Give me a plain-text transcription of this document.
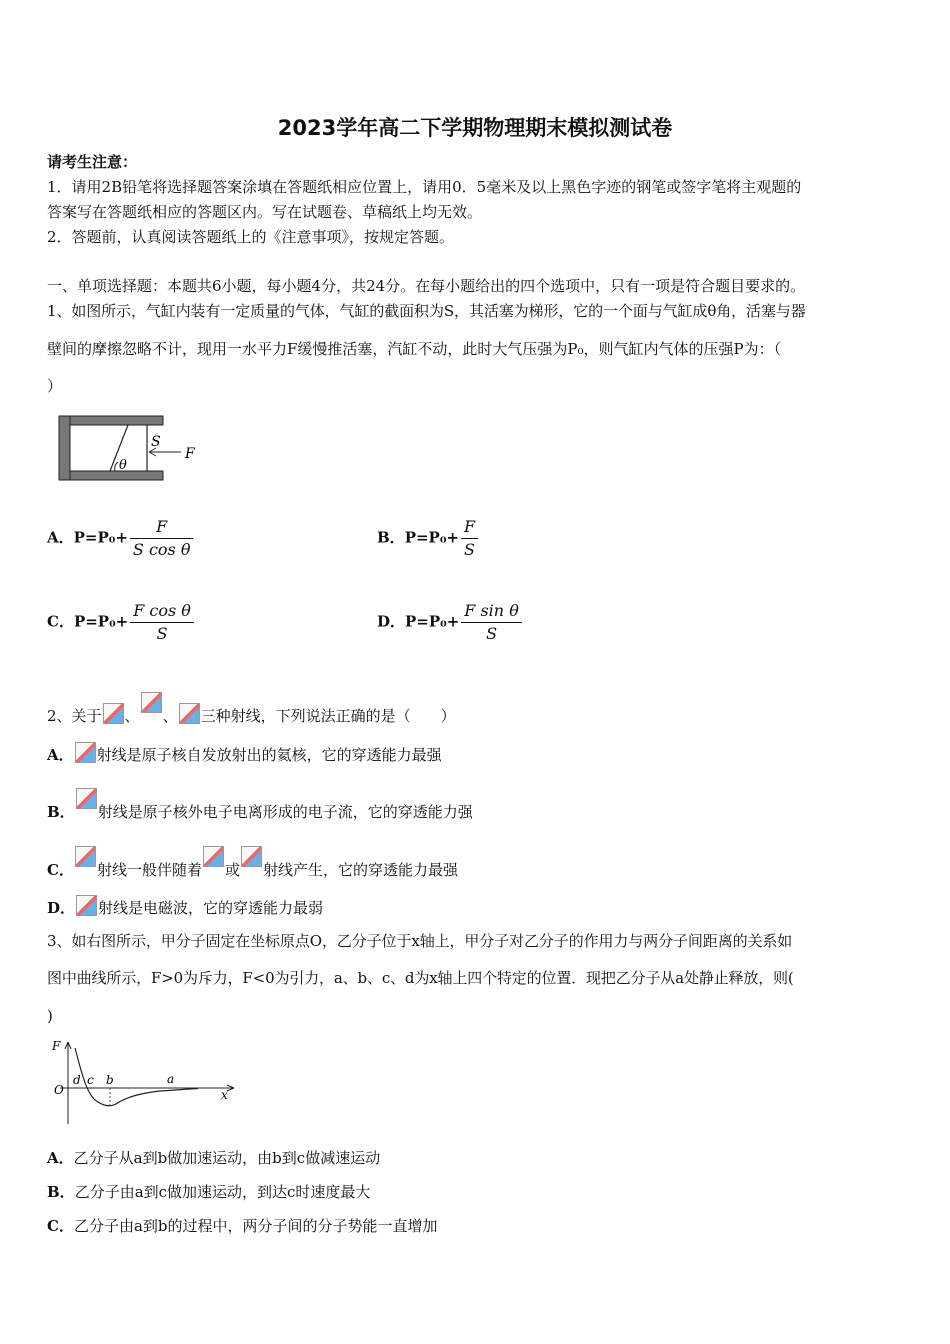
2023学年高二下学期物理期末模拟测试卷
请考生注意：
1．请用2B铅笔将选择题答案涂填在答题纸相应位置上，请用0．5毫米及以上黑色字迹的钢笔或签字笔将主观题的
答案写在答题纸相应的答题区内。写在试题卷、草稿纸上均无效。
2．答题前，认真阅读答题纸上的《注意事项》，按规定答题。
一、单项选择题：本题共6小题，每小题4分，共24分。在每小题给出的四个选项中，只有一项是符合题目要求的。
1、如图所示，气缸内装有一定质量的气体，气缸的截面积为S，其活塞为梯形，它的一个面与气缸成θ角，活塞与器
壁间的摩擦忽略不计，现用一水平力F缓慢推活塞，汽缸不动，此时大气压强为P₀，则气缸内气体的压强P为：（
）
θ
S
F
A．$P=P_0+ \frac{F}{\text{S cos θ}}$	B．$P=P_0+ \frac{F}{S}$
C．$P=P_0+ \frac{\text{F cos θ}}{S}$	D．$P=P_0+ \frac{\text{F sin θ}}{S}$
2、关于 、 、 三种射线，下列说法正确的是（　　）
A． 射线是原子核自发放射出的氦核，它的穿透能力最强
B． 射线是原子核外电子电离形成的电子流，它的穿透能力强
C． 射线一般伴随着 或 射线产生，它的穿透能力最强
D． 射线是电磁波，它的穿透能力最弱
3、如右图所示，甲分子固定在坐标原点O，乙分子位于x轴上，甲分子对乙分子的作用力与两分子间距离的关系如
图中曲线所示，F>0为斥力，F<0为引力，a、b、c、d为x轴上四个特定的位置．现把乙分子从a处静止释放，则(
)
F
O
d c b	a
x
A．乙分子从a到b做加速运动，由b到c做减速运动
B．乙分子由a到c做加速运动，到达c时速度最大
C．乙分子由a到b的过程中，两分子间的分子势能一直增加
